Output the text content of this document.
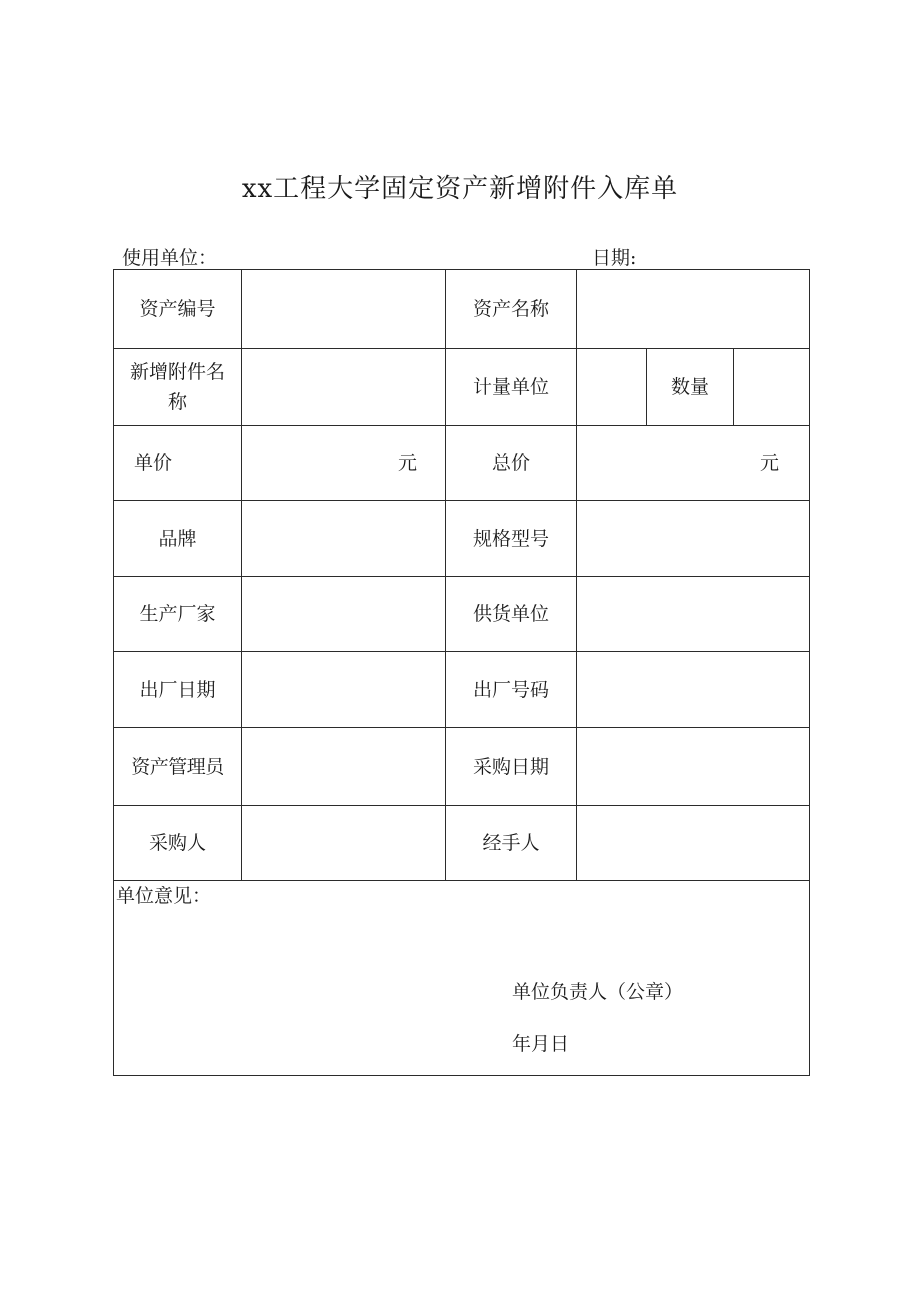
xx工程大学固定资产新增附件入库单
使用单位：	日期:
资产编号		资产名称			
新增附件名称		计量单位		数量	
单价	元	总价	元		
品牌		规格型号			
生产厂家		供货单位			
出厂日期		出厂号码			
资产管理员		采购日期			
采购人		经手人			

单位意见：
单位负责人（公章）
年月日					
